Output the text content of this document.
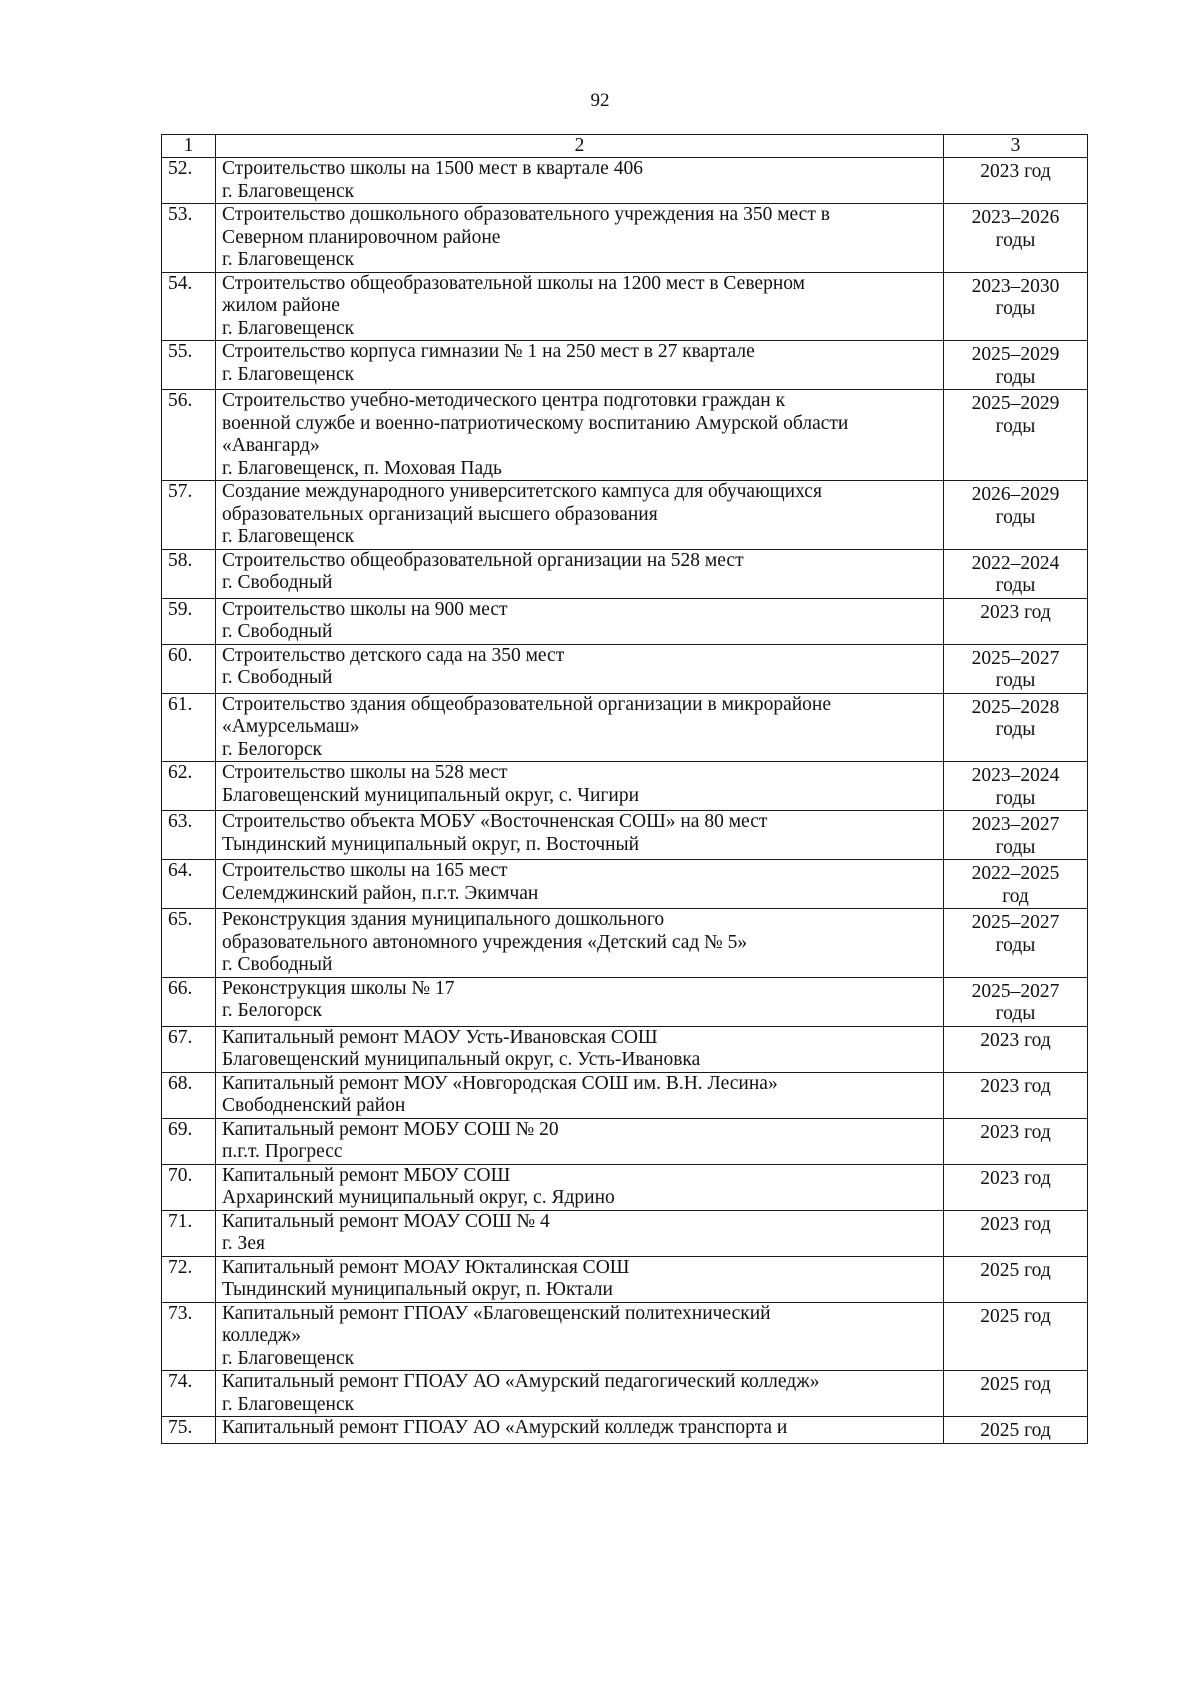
92
1	2	3
52.	Строительство школы на 1500 мест в квартале 406
г. Благовещенск	2023 год

53.	Строительство дошкольного образовательного учреждения на 350 мест в
Северном планировочном районе
г. Благовещенск	2023–2026
годы

54.	Строительство общеобразовательной школы на 1200 мест в Северном
жилом районе
г. Благовещенск	2023–2030
годы

55.	Строительство корпуса гимназии № 1 на 250 мест в 27 квартале
г. Благовещенск	2025–2029
годы

56.	Строительство учебно-методического центра подготовки граждан к
военной службе и военно-патриотическому воспитанию Амурской области
«Авангард»
г. Благовещенск, п. Моховая Падь	2025–2029
годы

57.	Создание международного университетского кампуса для обучающихся
образовательных организаций высшего образования
г. Благовещенск	2026–2029
годы

58.	Строительство общеобразовательной организации на 528 мест
г. Свободный	2022–2024
годы

59.	Строительство школы на 900 мест
г. Свободный	2023 год

60.	Строительство детского сада на 350 мест
г. Свободный	2025–2027
годы

61.	Строительство здания общеобразовательной организации в микрорайоне
«Амурсельмаш»
г. Белогорск	2025–2028
годы

62.	Строительство школы на 528 мест
Благовещенский муниципальный округ, с. Чигири	2023–2024
годы

63.	Строительство объекта МОБУ «Восточненская СОШ» на 80 мест
Тындинский муниципальный округ, п. Восточный	2023–2027
годы

64.	Строительство школы на 165 мест
Селемджинский район, п.г.т. Экимчан	2022–2025
год

65.	Реконструкция здания муниципального дошкольного
образовательного автономного учреждения «Детский сад № 5»
г. Свободный	2025–2027
годы

66.	Реконструкция школы № 17
г. Белогорск	2025–2027
годы

67.	Капитальный ремонт МАОУ Усть-Ивановская СОШ
Благовещенский муниципальный округ, с. Усть-Ивановка	2023 год

68.	Капитальный ремонт МОУ «Новгородская СОШ им. В.Н. Лесина»
Свободненский район	2023 год

69.	Капитальный ремонт МОБУ СОШ № 20
п.г.т. Прогресс	2023 год

70.	Капитальный ремонт МБОУ СОШ
Архаринский муниципальный округ, с. Ядрино	2023 год

71.	Капитальный ремонт МОАУ СОШ № 4
г. Зея	2023 год

72.	Капитальный ремонт МОАУ Юкталинская СОШ
Тындинский муниципальный округ, п. Юктали	2025 год

73.	Капитальный ремонт ГПОАУ «Благовещенский политехнический
колледж»
г. Благовещенск	2025 год

74.	Капитальный ремонт ГПОАУ АО «Амурский педагогический колледж»
г. Благовещенск	2025 год

75.	Капитальный ремонт ГПОАУ АО «Амурский колледж транспорта и	2025 год
